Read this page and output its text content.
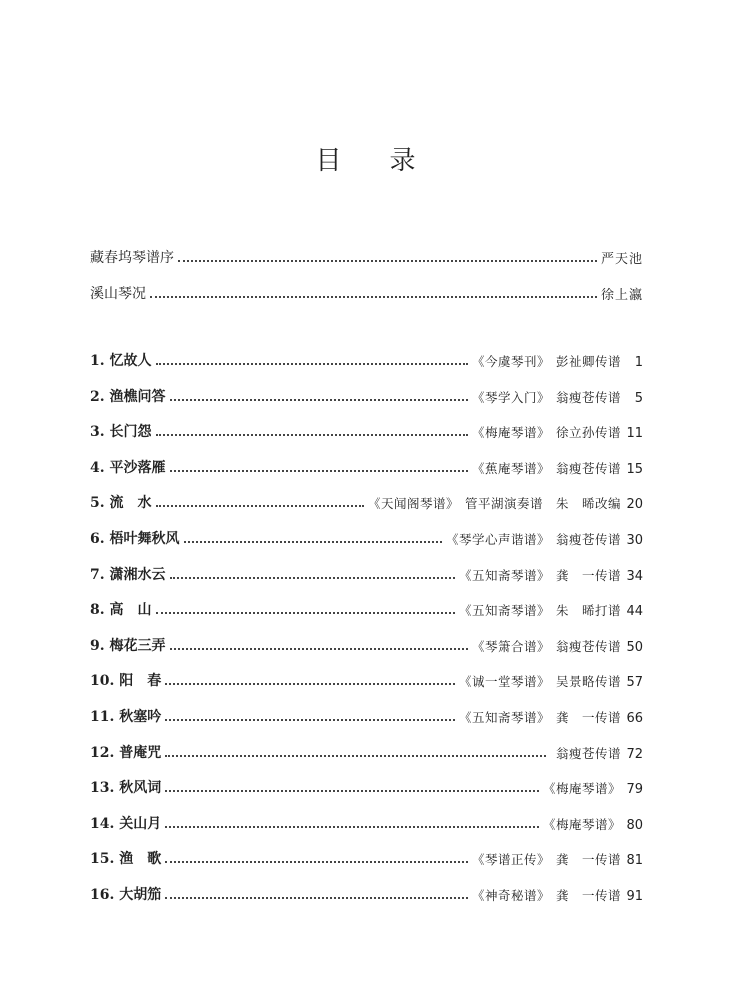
目 录
藏春坞琴谱序	严天池
溪山琴况	徐上瀛
1. 忆故人	《今虞琴刊》 彭祉卿传谱 1
2. 渔樵问答	《琴学入门》 翁瘦苍传谱 5
3. 长门怨	《梅庵琴谱》 徐立孙传谱 11
4. 平沙落雁	《蕉庵琴谱》 翁瘦苍传谱 15
5. 流　水	《天闻阁琴谱》 管平湖演奏谱　朱　晞改编 20
6. 梧叶舞秋风	《琴学心声谐谱》 翁瘦苍传谱 30
7. 潇湘水云	《五知斋琴谱》 龚　一传谱 34
8. 高　山	《五知斋琴谱》 朱　晞打谱 44
9. 梅花三弄	《琴箫合谱》 翁瘦苍传谱 50
10. 阳　春	《诚一堂琴谱》 吴景略传谱 57
11. 秋塞吟	《五知斋琴谱》 龚　一传谱 66
12. 普庵咒	翁瘦苍传谱 72
13. 秋风词	《梅庵琴谱》 79
14. 关山月	《梅庵琴谱》 80
15. 渔　歌	《琴谱正传》 龚　一传谱 81
16. 大胡笳	《神奇秘谱》 龚　一传谱 91
